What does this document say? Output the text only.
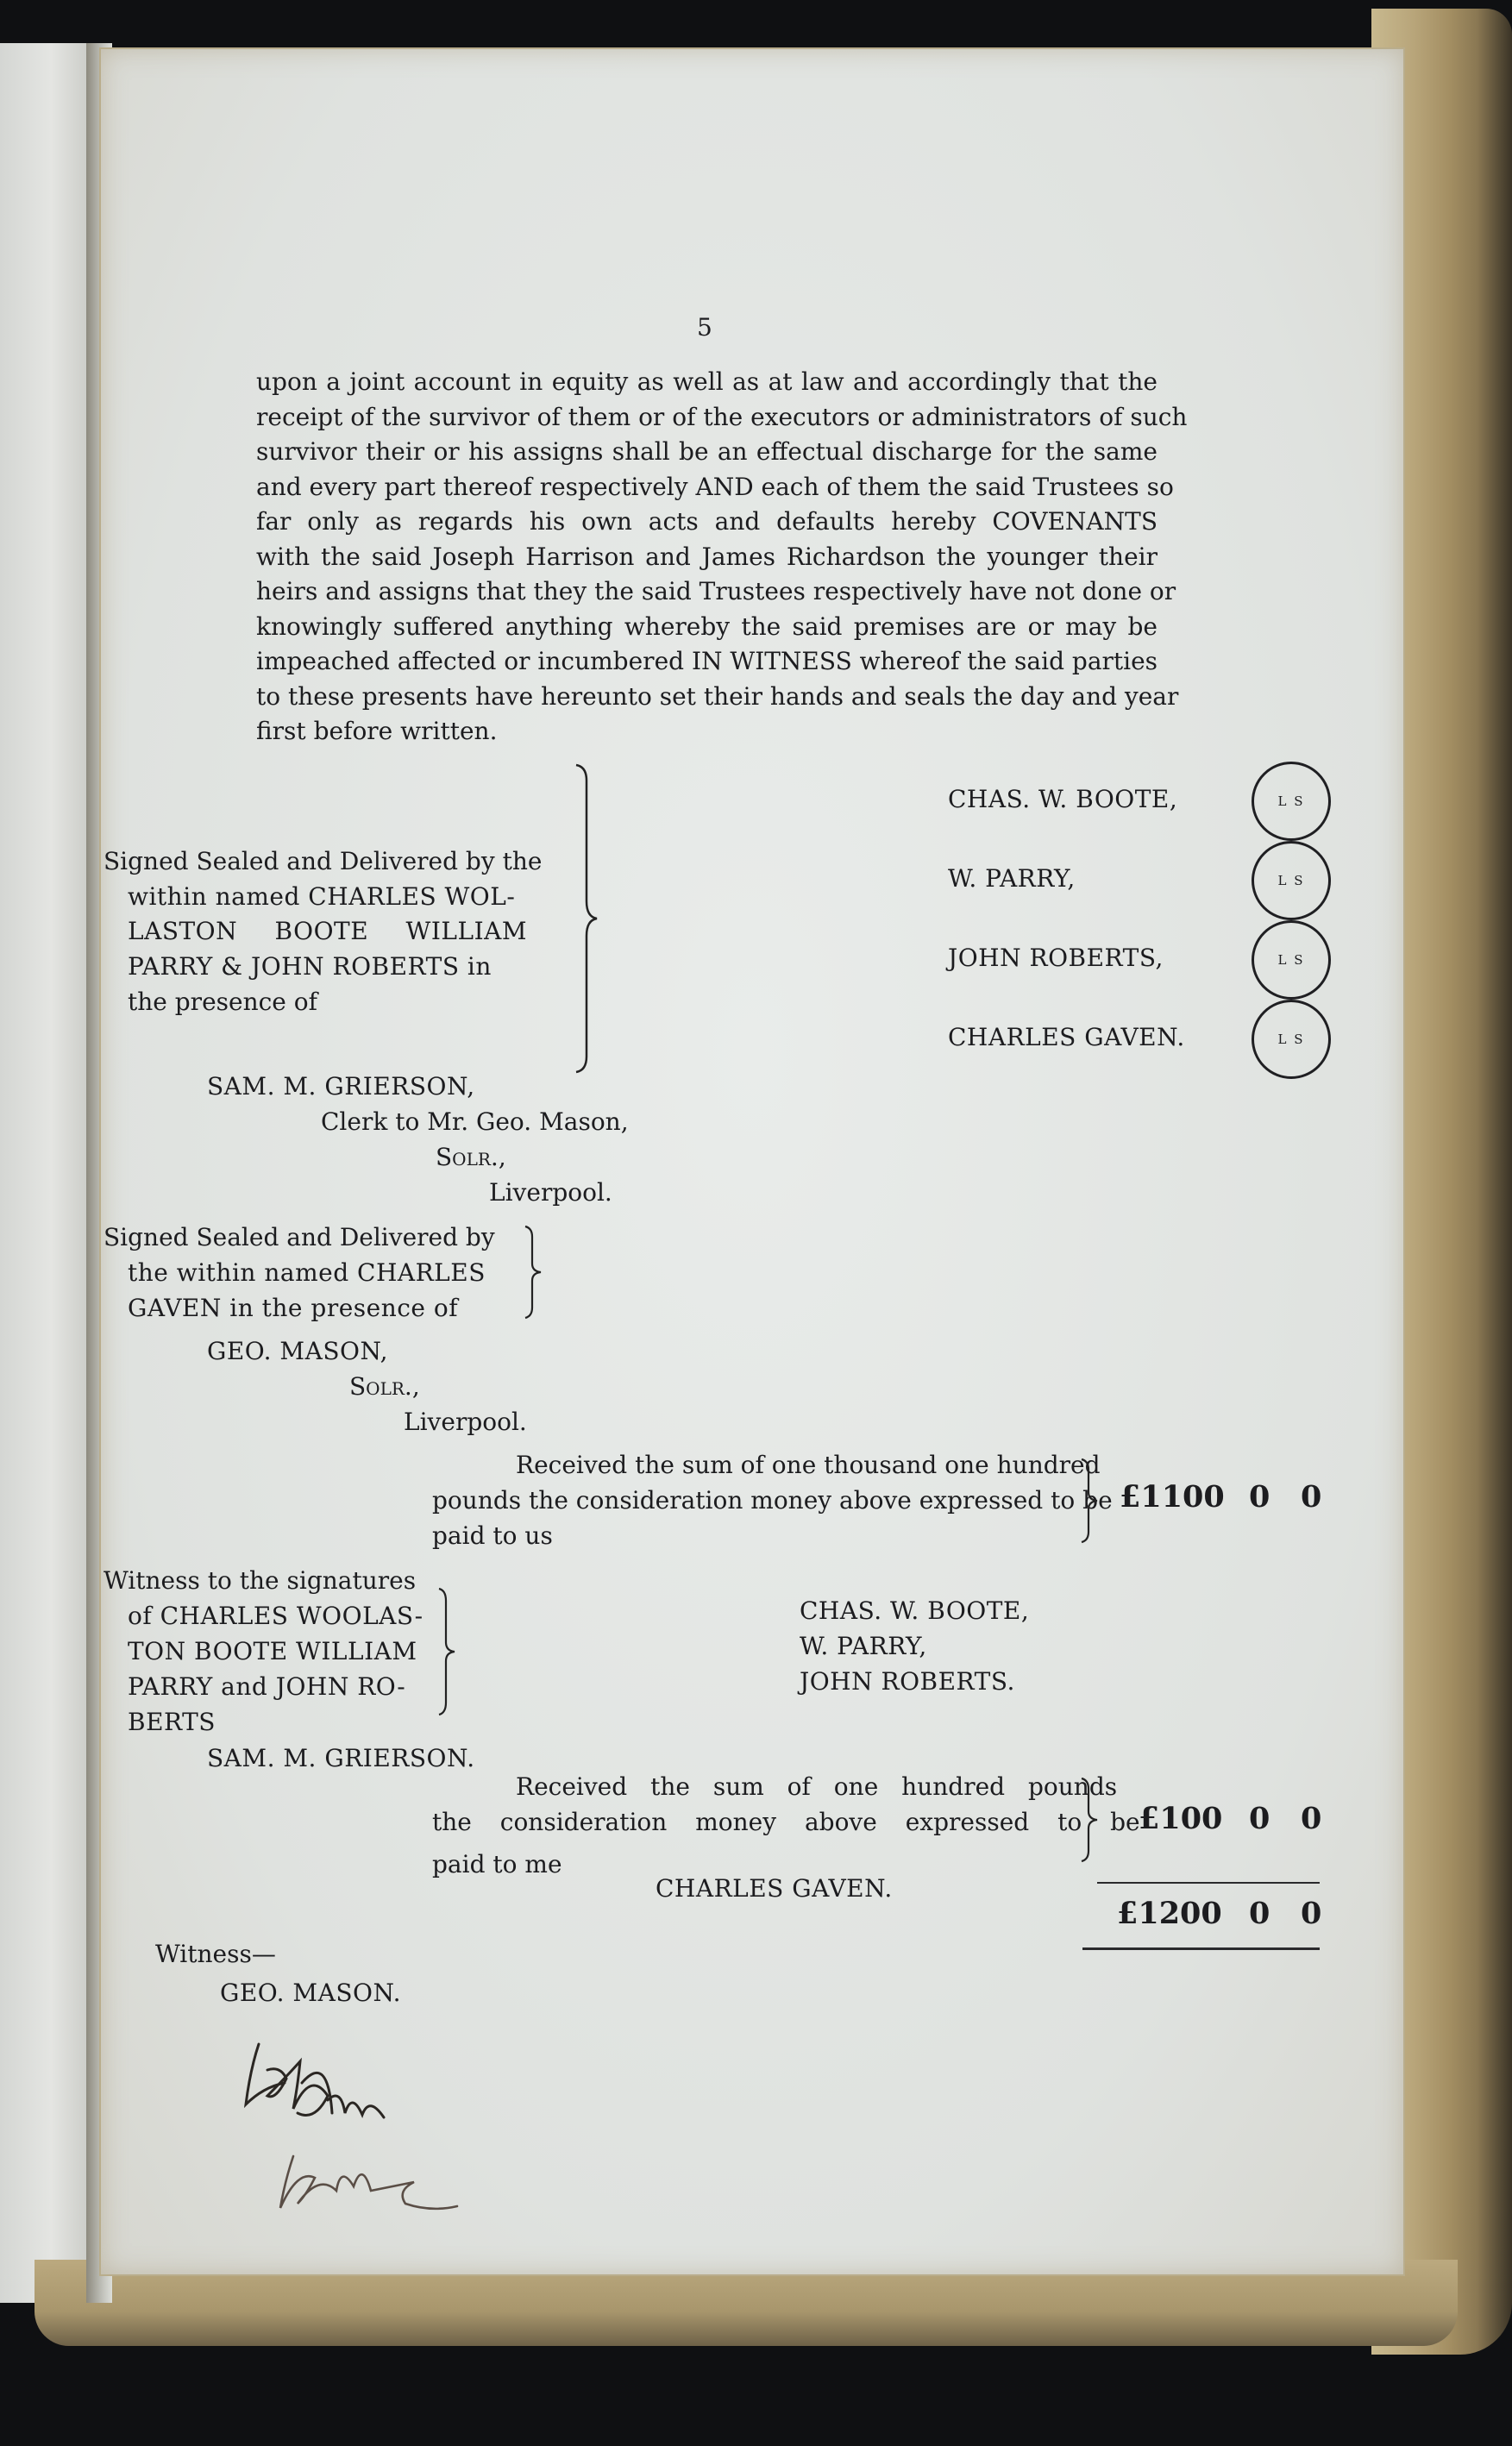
5
upon a joint account in equity as well as at law and accordingly that the
receipt of the survivor of them or of the executors or administrators of such
survivor their or his assigns shall be an effectual discharge for the same
and every part thereof respectively AND each of them the said Trustees so
far only as regards his own acts and defaults hereby COVENANTS
with the said Joseph Harrison and James Richardson the younger their
heirs and assigns that they the said Trustees respectively have not done or
knowingly suffered anything whereby the said premises are or may be
impeached affected or incumbered IN WITNESS whereof the said parties
to these presents have hereunto set their hands and seals the day and year
first before written.
Signed Sealed and Delivered by the
within named CHARLES WOL-
LASTON BOOTE WILLIAM
PARRY & JOHN ROBERTS in
the presence of
SAM. M. GRIERSON,
Clerk to Mr. Geo. Mason,
Solr.,
Liverpool.
CHAS. W. BOOTE,
W. PARRY,
JOHN ROBERTS,
CHARLES GAVEN.
L S
L S
L S
L S
Signed Sealed and Delivered by
the within named CHARLES
GAVEN in the presence of
GEO. MASON,
Solr.,
Liverpool.
Received the sum of one thousand one hundred
pounds the consideration money above expressed to be
paid to us
£1100 0 0
Witness to the signatures
of CHARLES WOOLAS-
TON BOOTE WILLIAM
PARRY and JOHN RO-
BERTS
SAM. M. GRIERSON.
CHAS. W. BOOTE,
W. PARRY,
JOHN ROBERTS.
Received the sum of one hundred pounds
the consideration money above expressed to be
paid to me
£100 0 0
CHARLES GAVEN.
£1200 0 0
Witness—
GEO. MASON.
